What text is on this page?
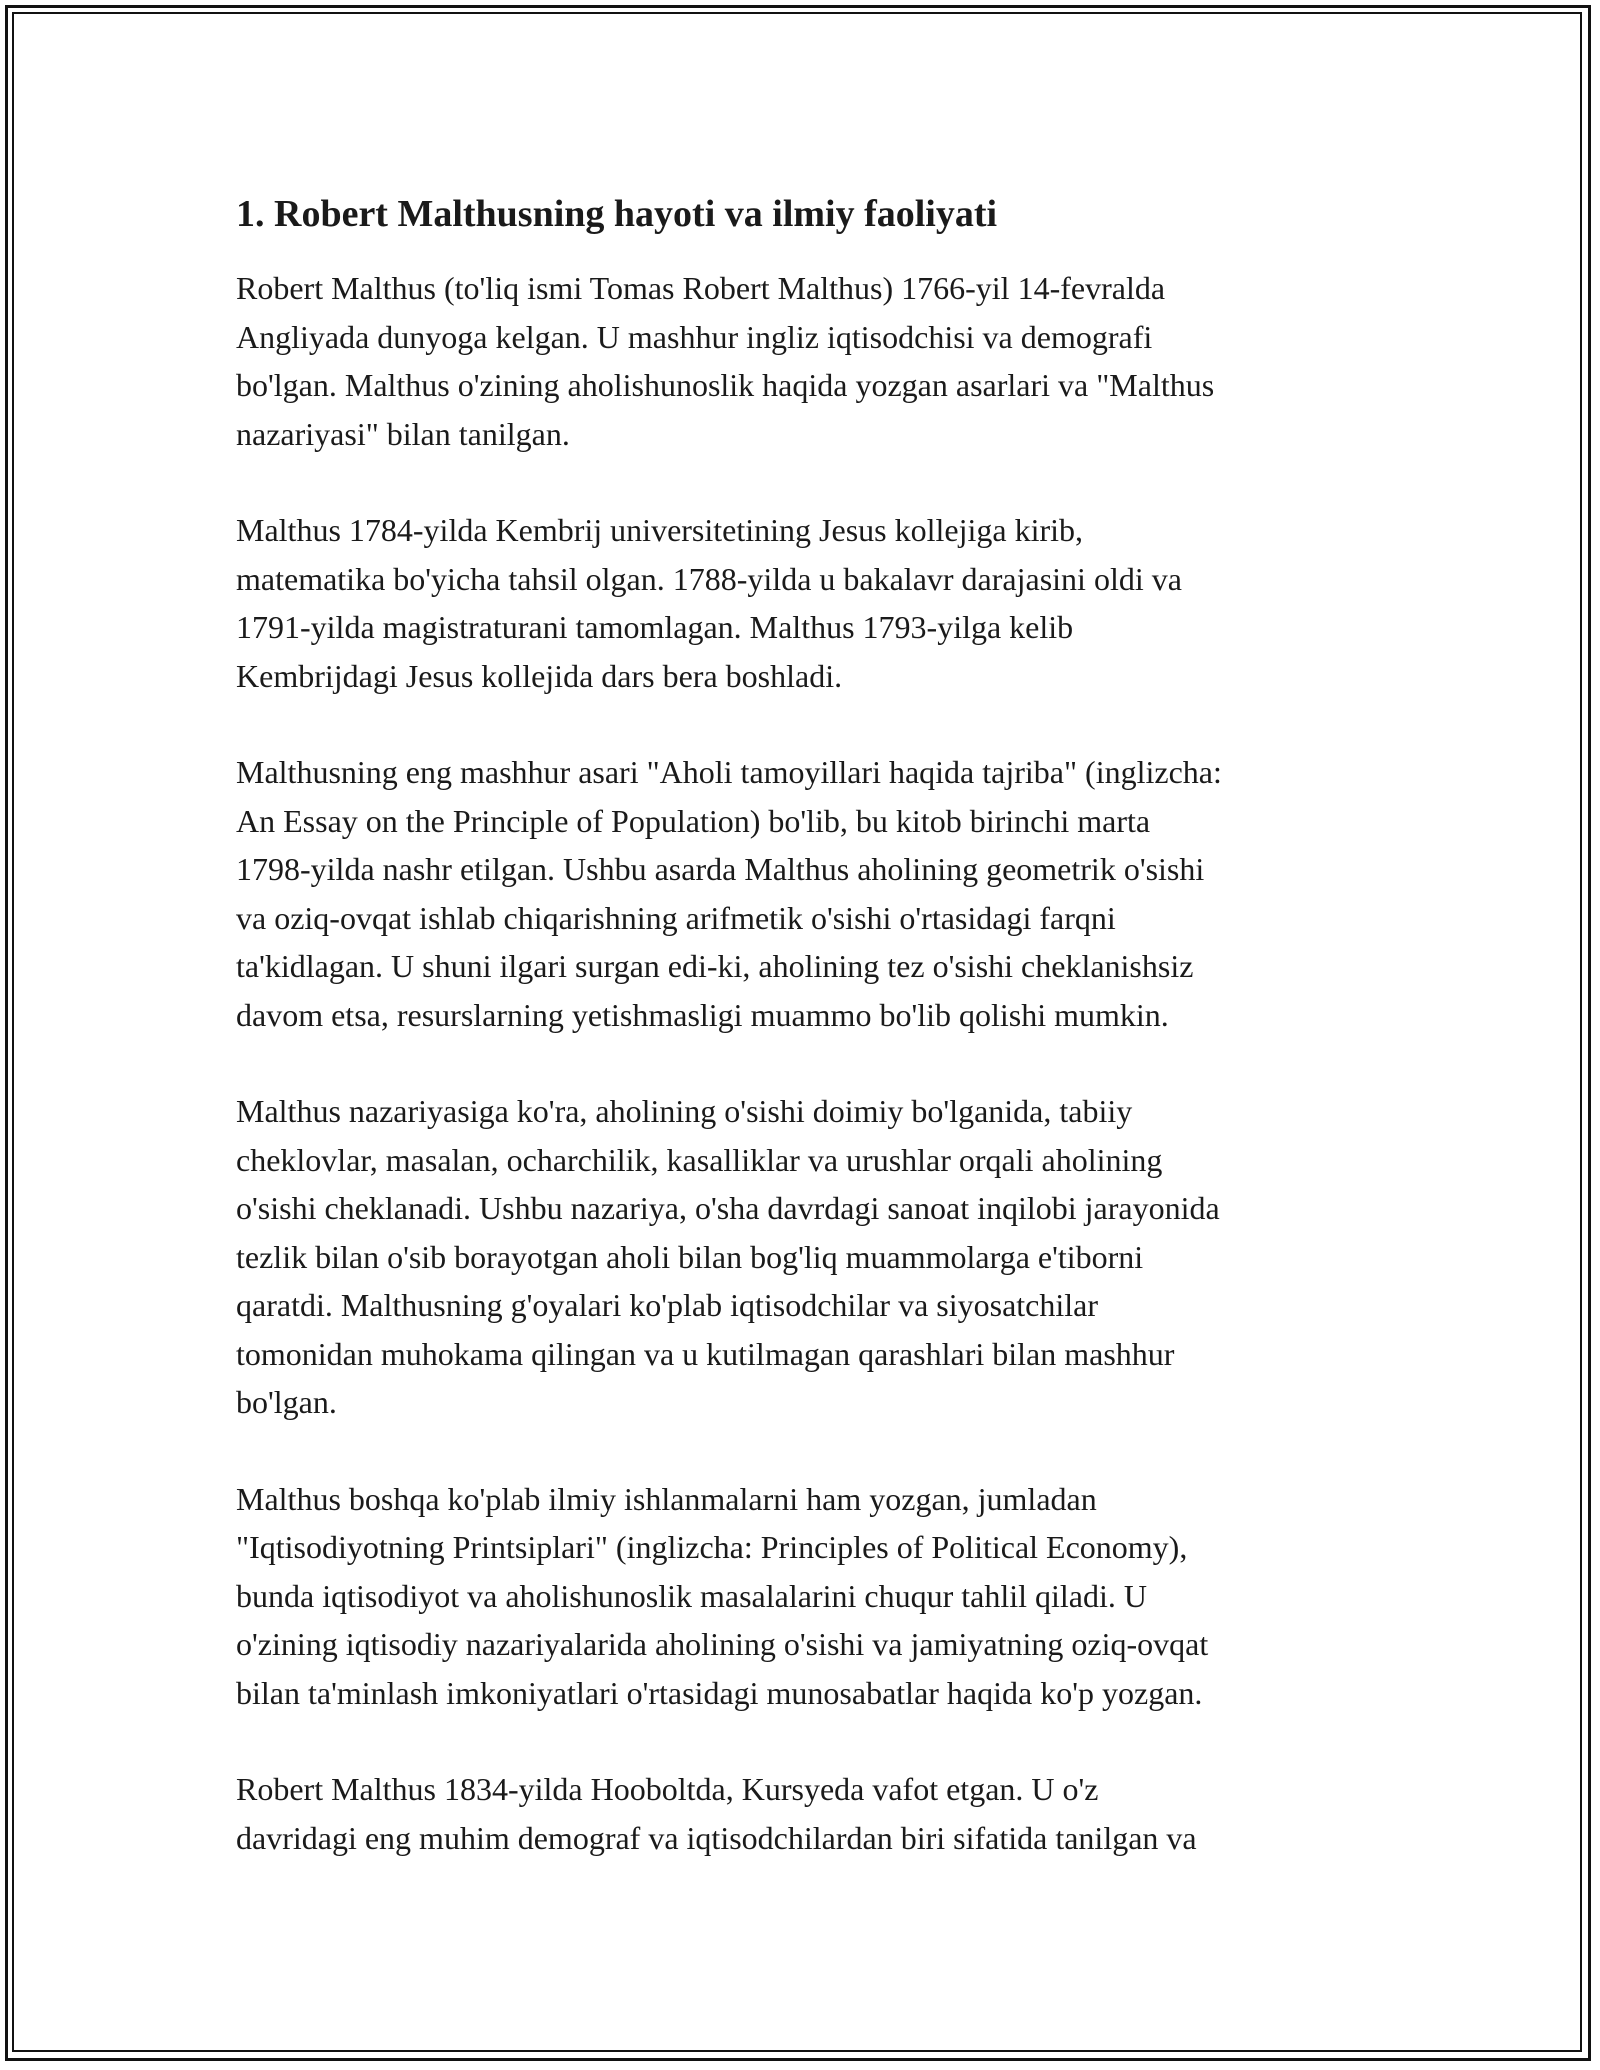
1. Robert Malthusning hayoti va ilmiy faoliyati

Robert Malthus (to'liq ismi Tomas Robert Malthus) 1766-yil 14-fevralda
Angliyada dunyoga kelgan. U mashhur ingliz iqtisodchisi va demografi
bo'lgan. Malthus o'zining aholishunoslik haqida yozgan asarlari va "Malthus
nazariyasi" bilan tanilgan.

Malthus 1784-yilda Kembrij universitetining Jesus kollejiga kirib,
matematika bo'yicha tahsil olgan. 1788-yilda u bakalavr darajasini oldi va
1791-yilda magistraturani tamomlagan. Malthus 1793-yilga kelib
Kembrijdagi Jesus kollejida dars bera boshladi.

Malthusning eng mashhur asari "Aholi tamoyillari haqida tajriba" (inglizcha:
An Essay on the Principle of Population) bo'lib, bu kitob birinchi marta
1798-yilda nashr etilgan. Ushbu asarda Malthus aholining geometrik o'sishi
va oziq-ovqat ishlab chiqarishning arifmetik o'sishi o'rtasidagi farqni
ta'kidlagan. U shuni ilgari surgan edi-ki, aholining tez o'sishi cheklanishsiz
davom etsa, resurslarning yetishmasligi muammo bo'lib qolishi mumkin.

Malthus nazariyasiga ko'ra, aholining o'sishi doimiy bo'lganida, tabiiy
cheklovlar, masalan, ocharchilik, kasalliklar va urushlar orqali aholining
o'sishi cheklanadi. Ushbu nazariya, o'sha davrdagi sanoat inqilobi jarayonida
tezlik bilan o'sib borayotgan aholi bilan bog'liq muammolarga e'tiborni
qaratdi. Malthusning g'oyalari ko'plab iqtisodchilar va siyosatchilar
tomonidan muhokama qilingan va u kutilmagan qarashlari bilan mashhur
bo'lgan.

Malthus boshqa ko'plab ilmiy ishlanmalarni ham yozgan, jumladan
"Iqtisodiyotning Printsiplari" (inglizcha: Principles of Political Economy),
bunda iqtisodiyot va aholishunoslik masalalarini chuqur tahlil qiladi. U
o'zining iqtisodiy nazariyalarida aholining o'sishi va jamiyatning oziq-ovqat
bilan ta'minlash imkoniyatlari o'rtasidagi munosabatlar haqida ko'p yozgan.

Robert Malthus 1834-yilda Hooboltda, Kursyeda vafot etgan. U o'z
davridagi eng muhim demograf va iqtisodchilardan biri sifatida tanilgan va
